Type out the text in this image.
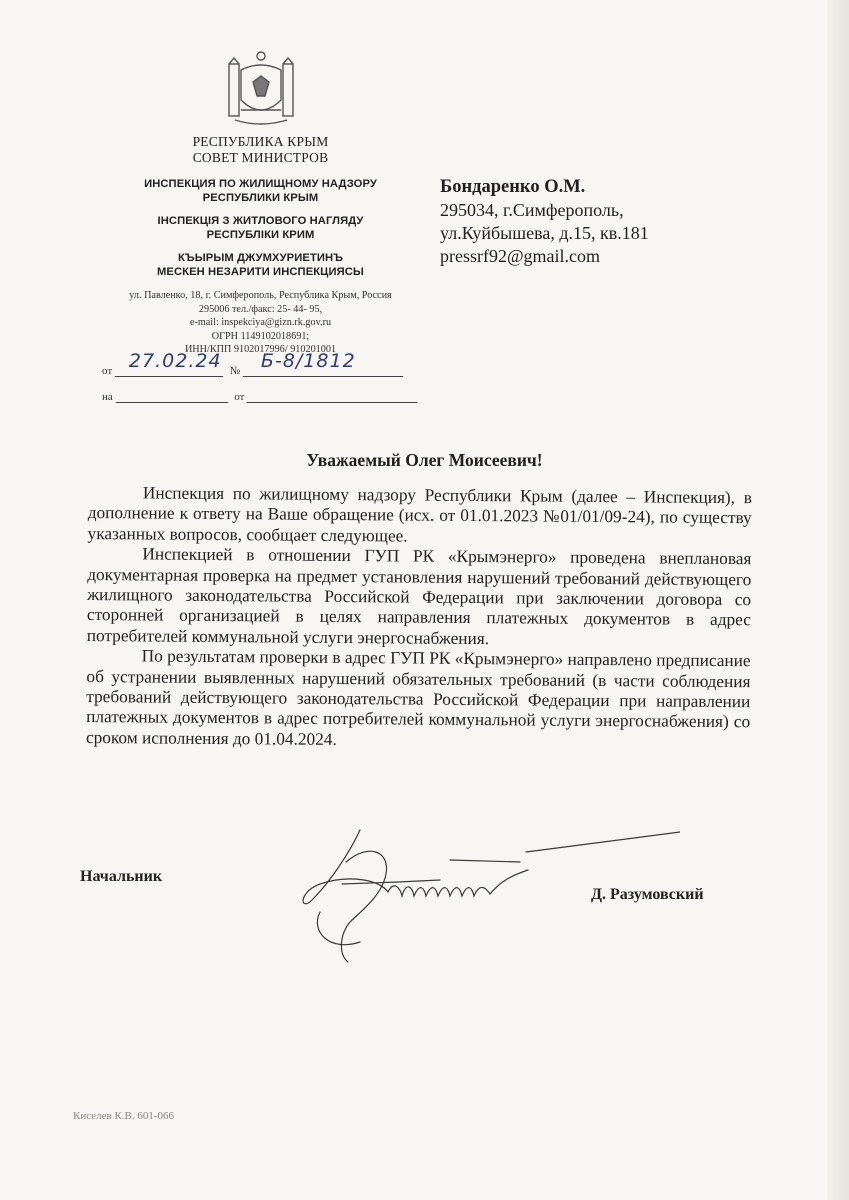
РЕСПУБЛИКА КРЫМ
СОВЕТ МИНИСТРОВ
ИНСПЕКЦИЯ ПО ЖИЛИЩНОМУ НАДЗОРУ
РЕСПУБЛИКИ КРЫМ
ІНСПЕКЦІЯ З ЖИТЛОВОГО НАГЛЯДУ
РЕСПУБЛІКИ КРИМ
КЪЫРЫМ ДЖУМХУРИЕТИНЪ
МЕСКЕН НЕЗАРИТИ ИНСПЕКЦИЯСЫ
ул. Павленко, 18, г. Симферополь, Республика Крым, Россия
295006 тел./факс: 25- 44- 95,
e-mail: inspekciya@gizn.rk.gov.ru
ОГРН 1149102018691;
ИНН/КПП 9102017996/ 910201001
от 27.02.24 № Б-8/1812
на	от
Бондаренко О.М.
295034, г.Симферополь,
ул.Куйбышева, д.15, кв.181
pressrf92@gmail.com
Уважаемый Олег Моисеевич!

Инспекция по жилищному надзору Республики Крым (далее – Инспекция), в дополнение к ответу на Ваше обращение (исх. от 01.01.2023 №01/01/09-24), по существу указанных вопросов, сообщает следующее.

Инспекцией в отношении ГУП РК «Крымэнерго» проведена внеплановая документарная проверка на предмет установления нарушений требований действующего жилищного законодательства Российской Федерации при заключении договора со сторонней организацией в целях направления платежных документов в адрес потребителей коммунальной услуги энергоснабжения.

По результатам проверки в адрес ГУП РК «Крымэнерго» направлено предписание об устранении выявленных нарушений обязательных требований (в части соблюдения требований действующего законодательства Российской Федерации при направлении платежных документов в адрес потребителей коммунальной услуги энергоснабжения) со сроком исполнения до 01.04.2024.

Начальник
Д. Разумовский
Киселев К.В. 601-066
